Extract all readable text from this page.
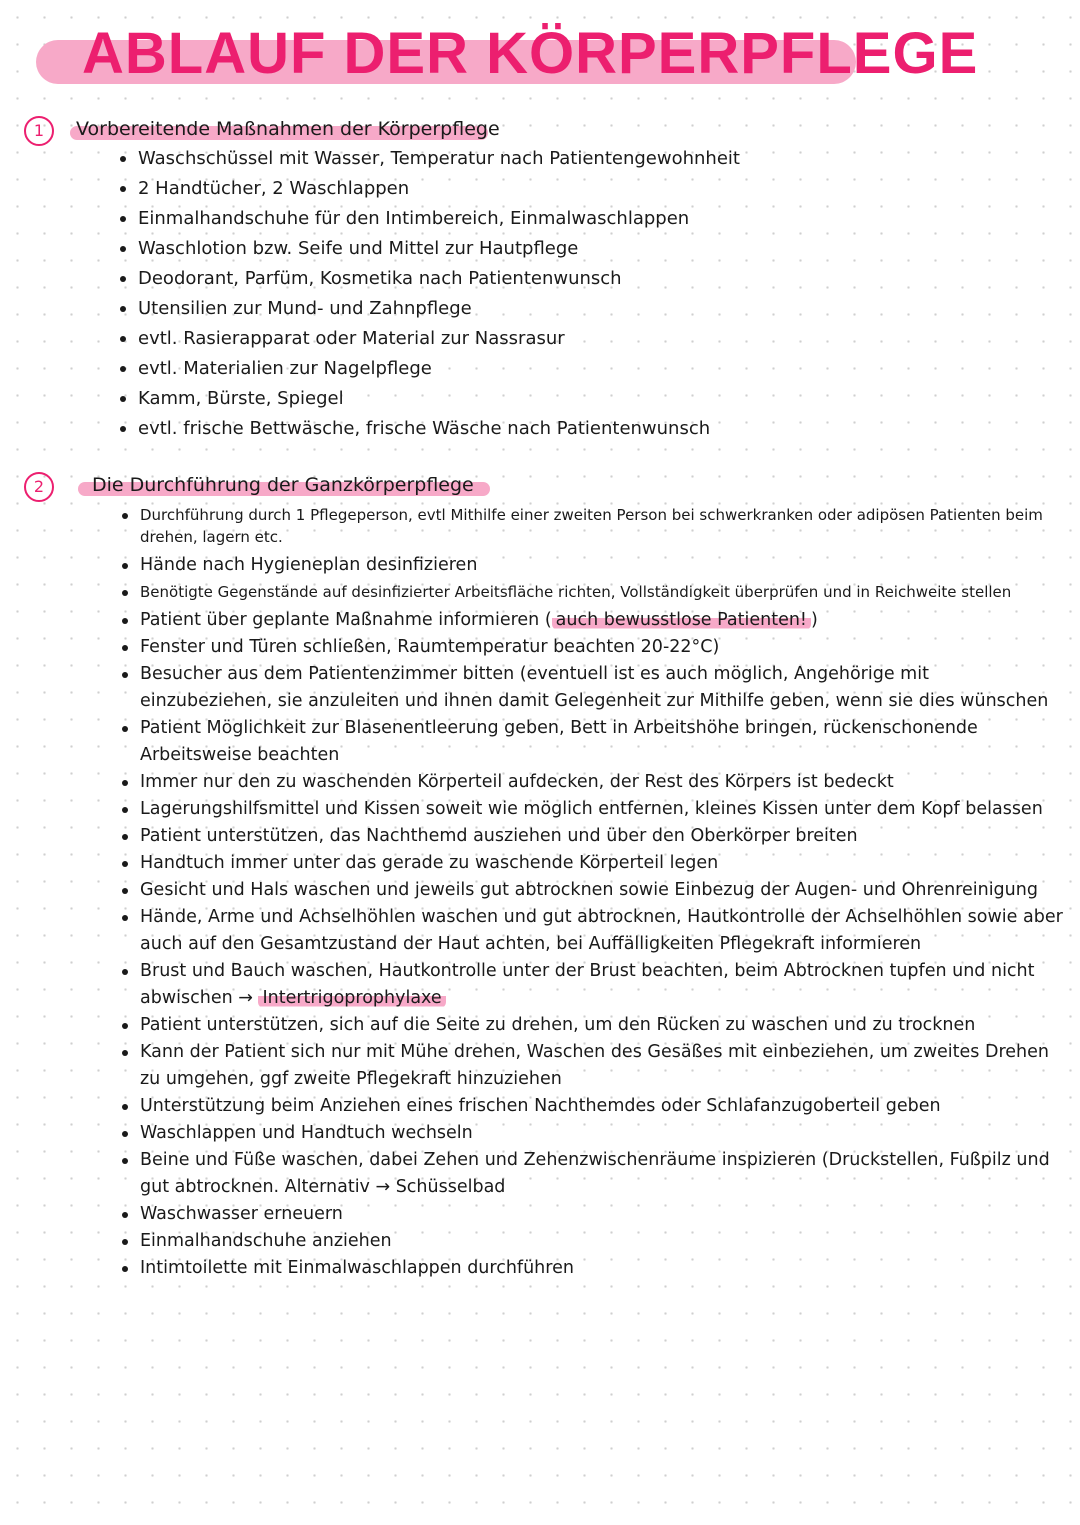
ABLAUF DER KÖRPERPFLEGE
1	Vorbereitende Maßnahmen der Körperpflege
Waschschüssel mit Wasser, Temperatur nach Patientengewohnheit
2 Handtücher, 2 Waschlappen
Einmalhandschuhe für den Intimbereich, Einmalwaschlappen
Waschlotion bzw. Seife und Mittel zur Hautpflege
Deodorant, Parfüm, Kosmetika nach Patientenwunsch
Utensilien zur Mund- und Zahnpflege
evtl. Rasierapparat oder Material zur Nassrasur
evtl. Materialien zur Nagelpflege
Kamm, Bürste, Spiegel
evtl. frische Bettwäsche, frische Wäsche nach Patientenwunsch
2	Die Durchführung der Ganzkörperpflege
Durchführung durch 1 Pflegeperson, evtl Mithilfe einer zweiten Person bei schwerkranken oder adipösen Patienten beim drehen, lagern etc.
Hände nach Hygieneplan desinfizieren
Benötigte Gegenstände auf desinfizierter Arbeitsfläche richten, Vollständigkeit überprüfen und in Reichweite stellen
Patient über geplante Maßnahme informieren ( auch bewusstlose Patienten! )
Fenster und Türen schließen, Raumtemperatur beachten 20-22°C)
Besucher aus dem Patientenzimmer bitten (eventuell ist es auch möglich, Angehörige mit einzubeziehen, sie anzuleiten und ihnen damit Gelegenheit zur Mithilfe geben, wenn sie dies wünschen
Patient Möglichkeit zur Blasenentleerung geben, Bett in Arbeitshöhe bringen, rückenschonende Arbeitsweise beachten
Immer nur den zu waschenden Körperteil aufdecken, der Rest des Körpers ist bedeckt
Lagerungshilfsmittel und Kissen soweit wie möglich entfernen, kleines Kissen unter dem Kopf belassen
Patient unterstützen, das Nachthemd ausziehen und über den Oberkörper breiten
Handtuch immer unter das gerade zu waschende Körperteil legen
Gesicht und Hals waschen und jeweils gut abtrocknen sowie Einbezug der Augen- und Ohrenreinigung
Hände, Arme und Achselhöhlen waschen und gut abtrocknen, Hautkontrolle der Achselhöhlen sowie aber auch auf den Gesamtzustand der Haut achten, bei Auffälligkeiten Pflegekraft informieren
Brust und Bauch waschen, Hautkontrolle unter der Brust beachten, beim Abtrocknen tupfen und nicht abwischen → Intertrigoprophylaxe
Patient unterstützen, sich auf die Seite zu drehen, um den Rücken zu waschen und zu trocknen
Kann der Patient sich nur mit Mühe drehen, Waschen des Gesäßes mit einbeziehen, um zweites Drehen zu umgehen, ggf zweite Pflegekraft hinzuziehen
Unterstützung beim Anziehen eines frischen Nachthemdes oder Schlafanzugoberteil geben
Waschlappen und Handtuch wechseln
Beine und Füße waschen, dabei Zehen und Zehenzwischenräume inspizieren (Druckstellen, Fußpilz und gut abtrocknen. Alternativ → Schüsselbad
Waschwasser erneuern
Einmalhandschuhe anziehen
Intimtoilette mit Einmalwaschlappen durchführen
